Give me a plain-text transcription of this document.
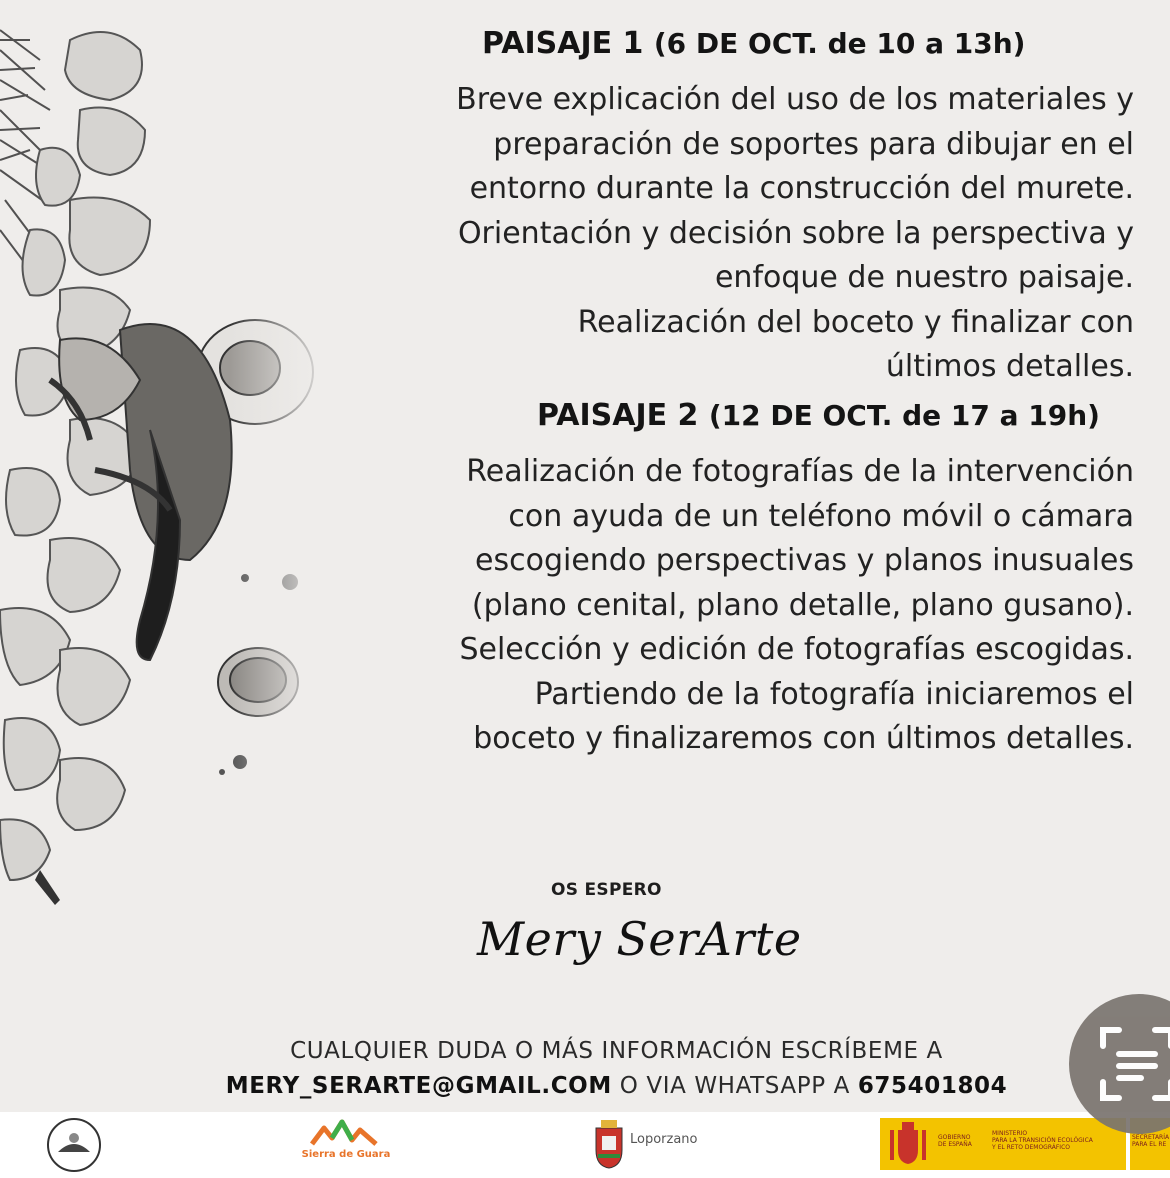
PAISAJE 1 (6 DE OCT. de 10 a 13h)
Breve explicación del uso de los materiales y
preparación de soportes para dibujar en el
entorno durante la construcción del murete.
Orientación y decisión sobre la perspectiva y
enfoque de nuestro paisaje.
Realización del boceto y finalizar con
últimos detalles.
PAISAJE 2 (12 DE OCT. de 17 a 19h)
Realización de fotografías de la intervención
con ayuda de un teléfono móvil o cámara
escogiendo perspectivas y planos inusuales
(plano cenital, plano detalle, plano gusano).
Selección y edición de fotografías escogidas.
Partiendo de la fotografía iniciaremos el
boceto y finalizaremos con últimos detalles.
OS ESPERO
Mery SerArte
CUALQUIER DUDA O MÁS INFORMACIÓN ESCRÍBEME A
MERY_SERARTE@GMAIL.COM O VIA WHATSAPP A 675401804
Sierra de Guara
Loporzano	GOBIERNO DE ESPAÑA
MINISTERIO
PARA LA TRANSICIÓN ECOLÓGICA
Y EL RETO DEMOGRÁFICO
SECRETARÍA
PARA EL RE
